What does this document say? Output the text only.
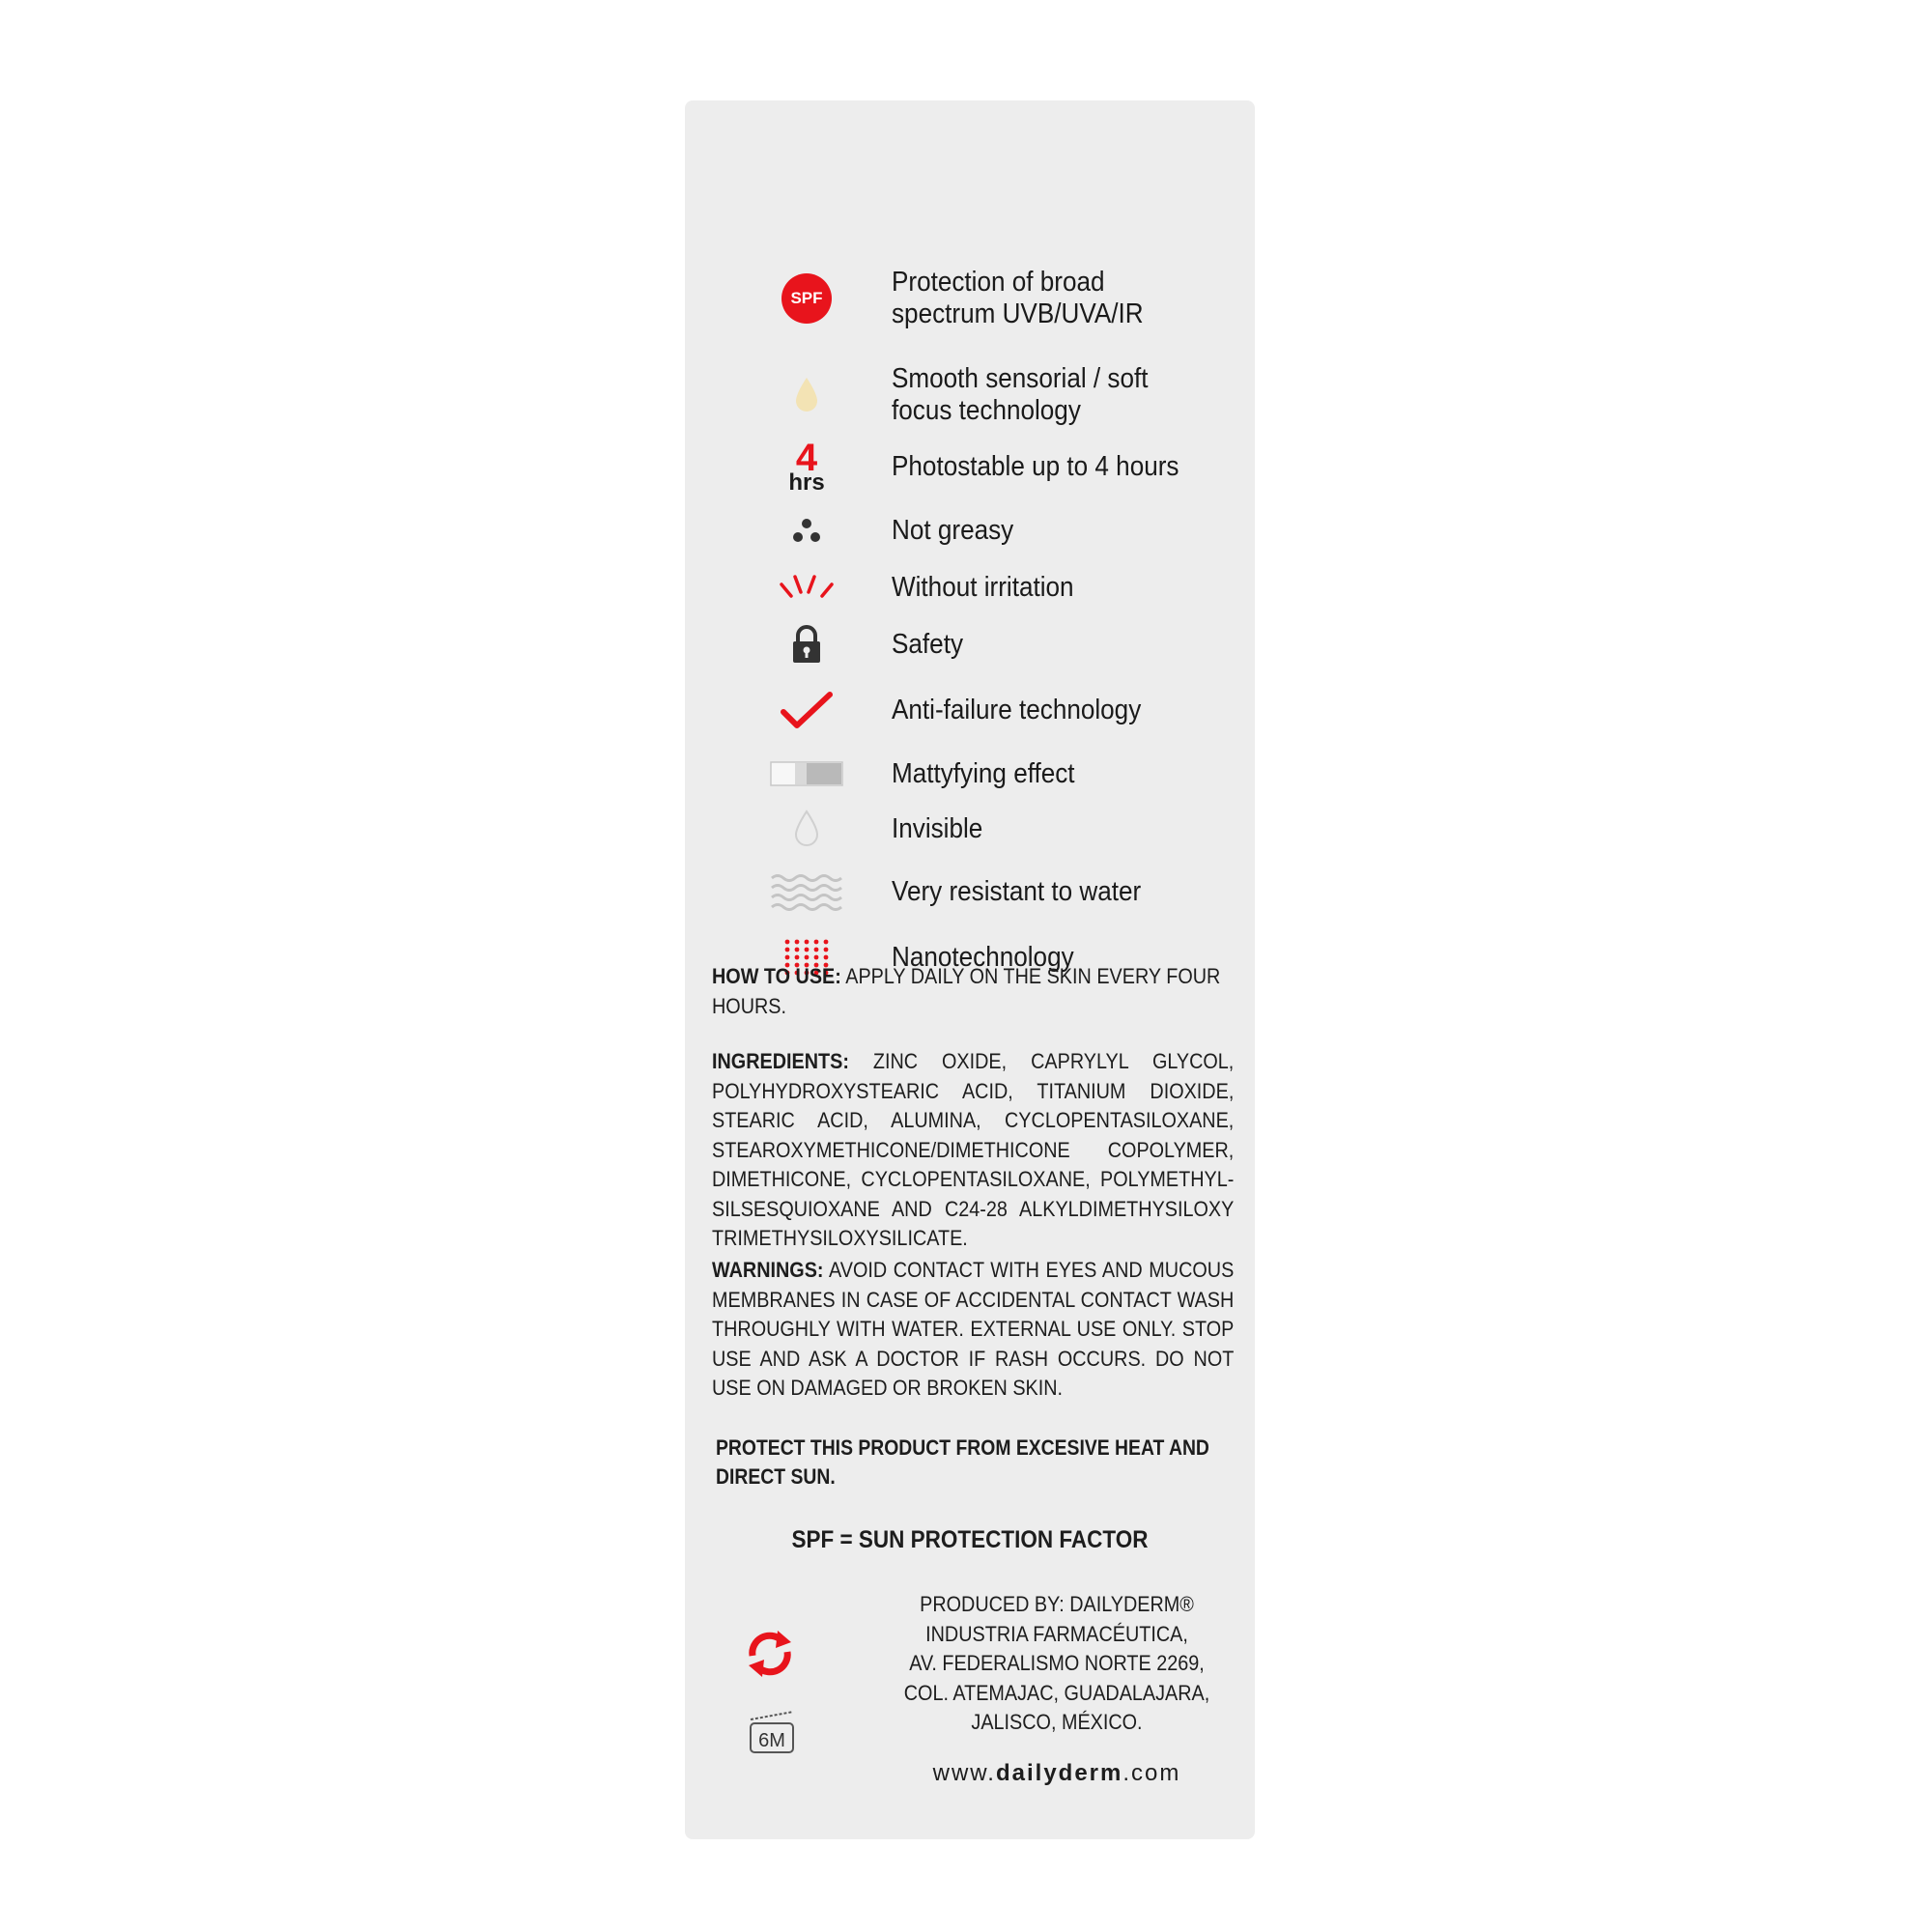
SPF
Protection of broad spectrum UVB/UVA/IR
Smooth sensorial / soft focus technology
4
hrs
Photostable up to 4 hours
Not greasy
Without irritation
Safety
Anti-failure technology
Mattyfying effect
Invisible
Very resistant to water
Nanotechnology
HOW TO USE: APPLY DAILY ON THE SKIN EVERY FOUR HOURS.
INGREDIENTS: ZINC OXIDE, CAPRYLYL GLYCOL, POLYHYDROXYSTEARIC ACID, TITANIUM DIOXIDE, STEARIC ACID, ALUMINA, CYCLOPENTASILOXANE, STEAROXYMETHICONE/DIMETHICONE COPOLYMER, DIMETHICONE, CYCLOPENTASILOXANE, POLYMETHYL-SILSESQUIOXANE AND C24-28 ALKYLDIMETHYSILOXY TRIMETHYSILOXYSILICATE.
WARNINGS: AVOID CONTACT WITH EYES AND MUCOUS MEMBRANES IN CASE OF ACCIDENTAL CONTACT WASH THROUGHLY WITH WATER. EXTERNAL USE ONLY. STOP USE AND ASK A DOCTOR IF RASH OCCURS. DO NOT USE ON DAMAGED OR BROKEN SKIN.
PROTECT THIS PRODUCT FROM EXCESIVE HEAT AND DIRECT SUN.
SPF = SUN PROTECTION FACTOR
6M
PRODUCED BY: DAILYDERM®
INDUSTRIA FARMACÉUTICA,
AV. FEDERALISMO NORTE 2269,
COL. ATEMAJAC, GUADALAJARA,
JALISCO, MÉXICO.
www.dailyderm.com
